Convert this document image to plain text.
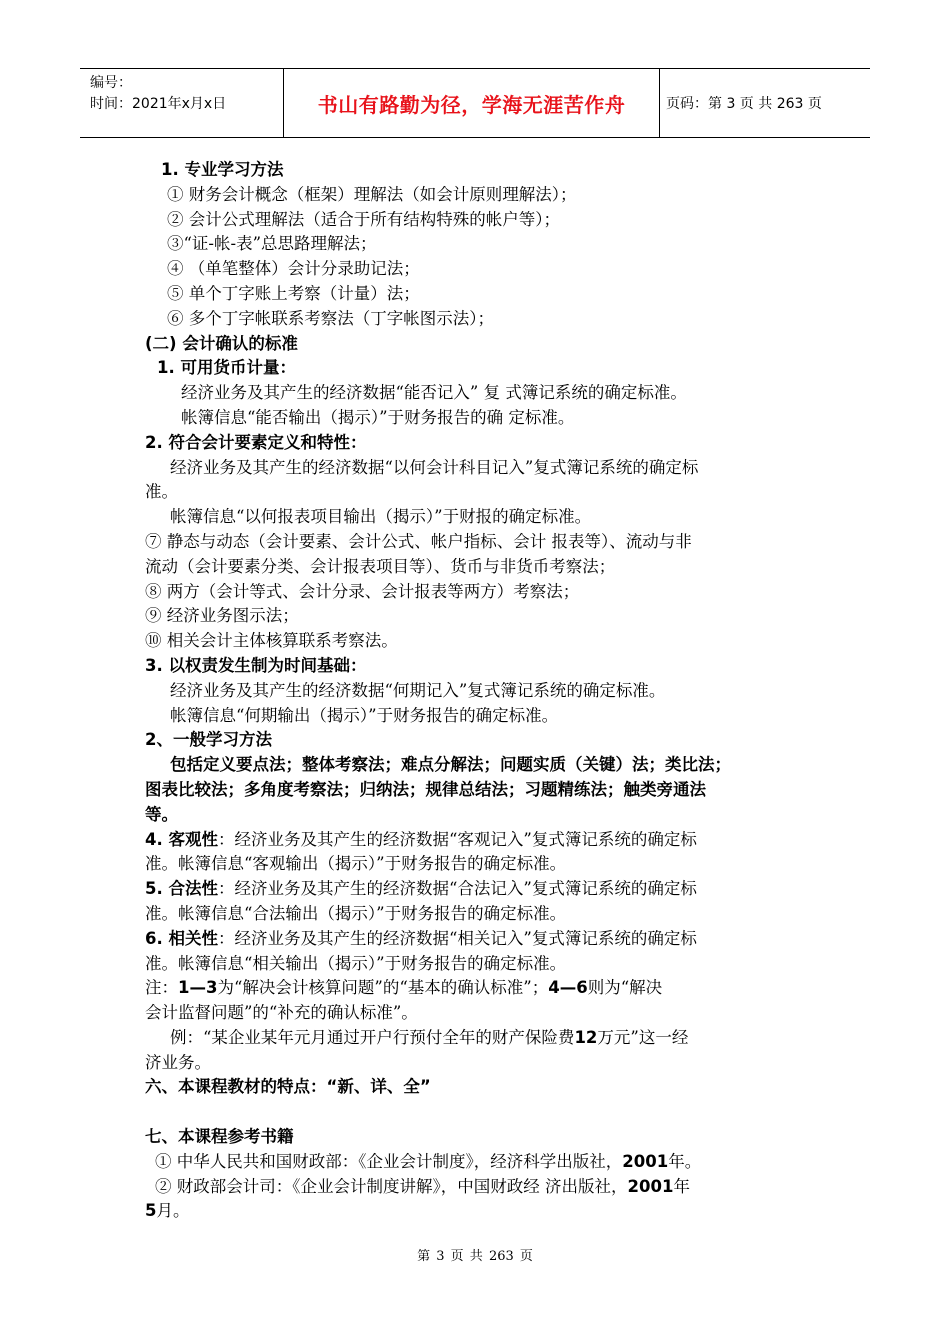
编号：
时间：2021年x月x日	书山有路勤为径，学海无涯苦作舟	页码：第 3 页 共 263 页
1. 专业学习方法
① 财务会计概念（框架）理解法（如会计原则理解法）；
② 会计公式理解法（适合于所有结构特殊的帐户等）；
③“证-帐-表”总思路理解法；
④ （单笔整体）会计分录助记法；
⑤ 单个丁字账上考察（计量）法；
⑥ 多个丁字帐联系考察法（丁字帐图示法）；
(二) 会计确认的标准
1. 可用货币计量：
经济业务及其产生的经济数据“能否记入” 复 式簿记系统的确定标准。
帐簿信息“能否输出（揭示）”于财务报告的确 定标准。
2. 符合会计要素定义和特性：
经济业务及其产生的经济数据“以何会计科目记入”复式簿记系统的确定标
准。
帐簿信息“以何报表项目输出（揭示）”于财报的确定标准。
⑦ 静态与动态（会计要素、会计公式、帐户指标、会计 报表等）、流动与非
流动（会计要素分类、会计报表项目等）、货币与非货币考察法；
⑧ 两方（会计等式、会计分录、会计报表等两方）考察法；
⑨ 经济业务图示法；
⑩ 相关会计主体核算联系考察法。
3. 以权责发生制为时间基础：
经济业务及其产生的经济数据“何期记入”复式簿记系统的确定标准。
帐簿信息“何期输出（揭示）”于财务报告的确定标准。
2、一般学习方法
包括定义要点法；整体考察法；难点分解法；问题实质（关键）法；类比法；
图表比较法；多角度考察法；归纳法；规律总结法；习题精练法；触类旁通法
等。
4. 客观性：经济业务及其产生的经济数据“客观记入”复式簿记系统的确定标
准。帐簿信息“客观输出（揭示）”于财务报告的确定标准。
5. 合法性：经济业务及其产生的经济数据“合法记入”复式簿记系统的确定标
准。帐簿信息“合法输出（揭示）”于财务报告的确定标准。
6. 相关性：经济业务及其产生的经济数据“相关记入”复式簿记系统的确定标
准。帐簿信息“相关输出（揭示）”于财务报告的确定标准。
注：1—3为“解决会计核算问题”的“基本的确认标准”；4—6则为“解决
会计监督问题”的“补充的确认标准”。
例：“某企业某年元月通过开户行预付全年的财产保险费12万元”这一经
济业务。
六、本课程教材的特点：“新、详、全”
七、本课程参考书籍
① 中华人民共和国财政部：《企业会计制度》，经济科学出版社，2001年。
② 财政部会计司：《企业会计制度讲解》，中国财政经 济出版社，2001年
5月。
第 3 页 共 263 页
